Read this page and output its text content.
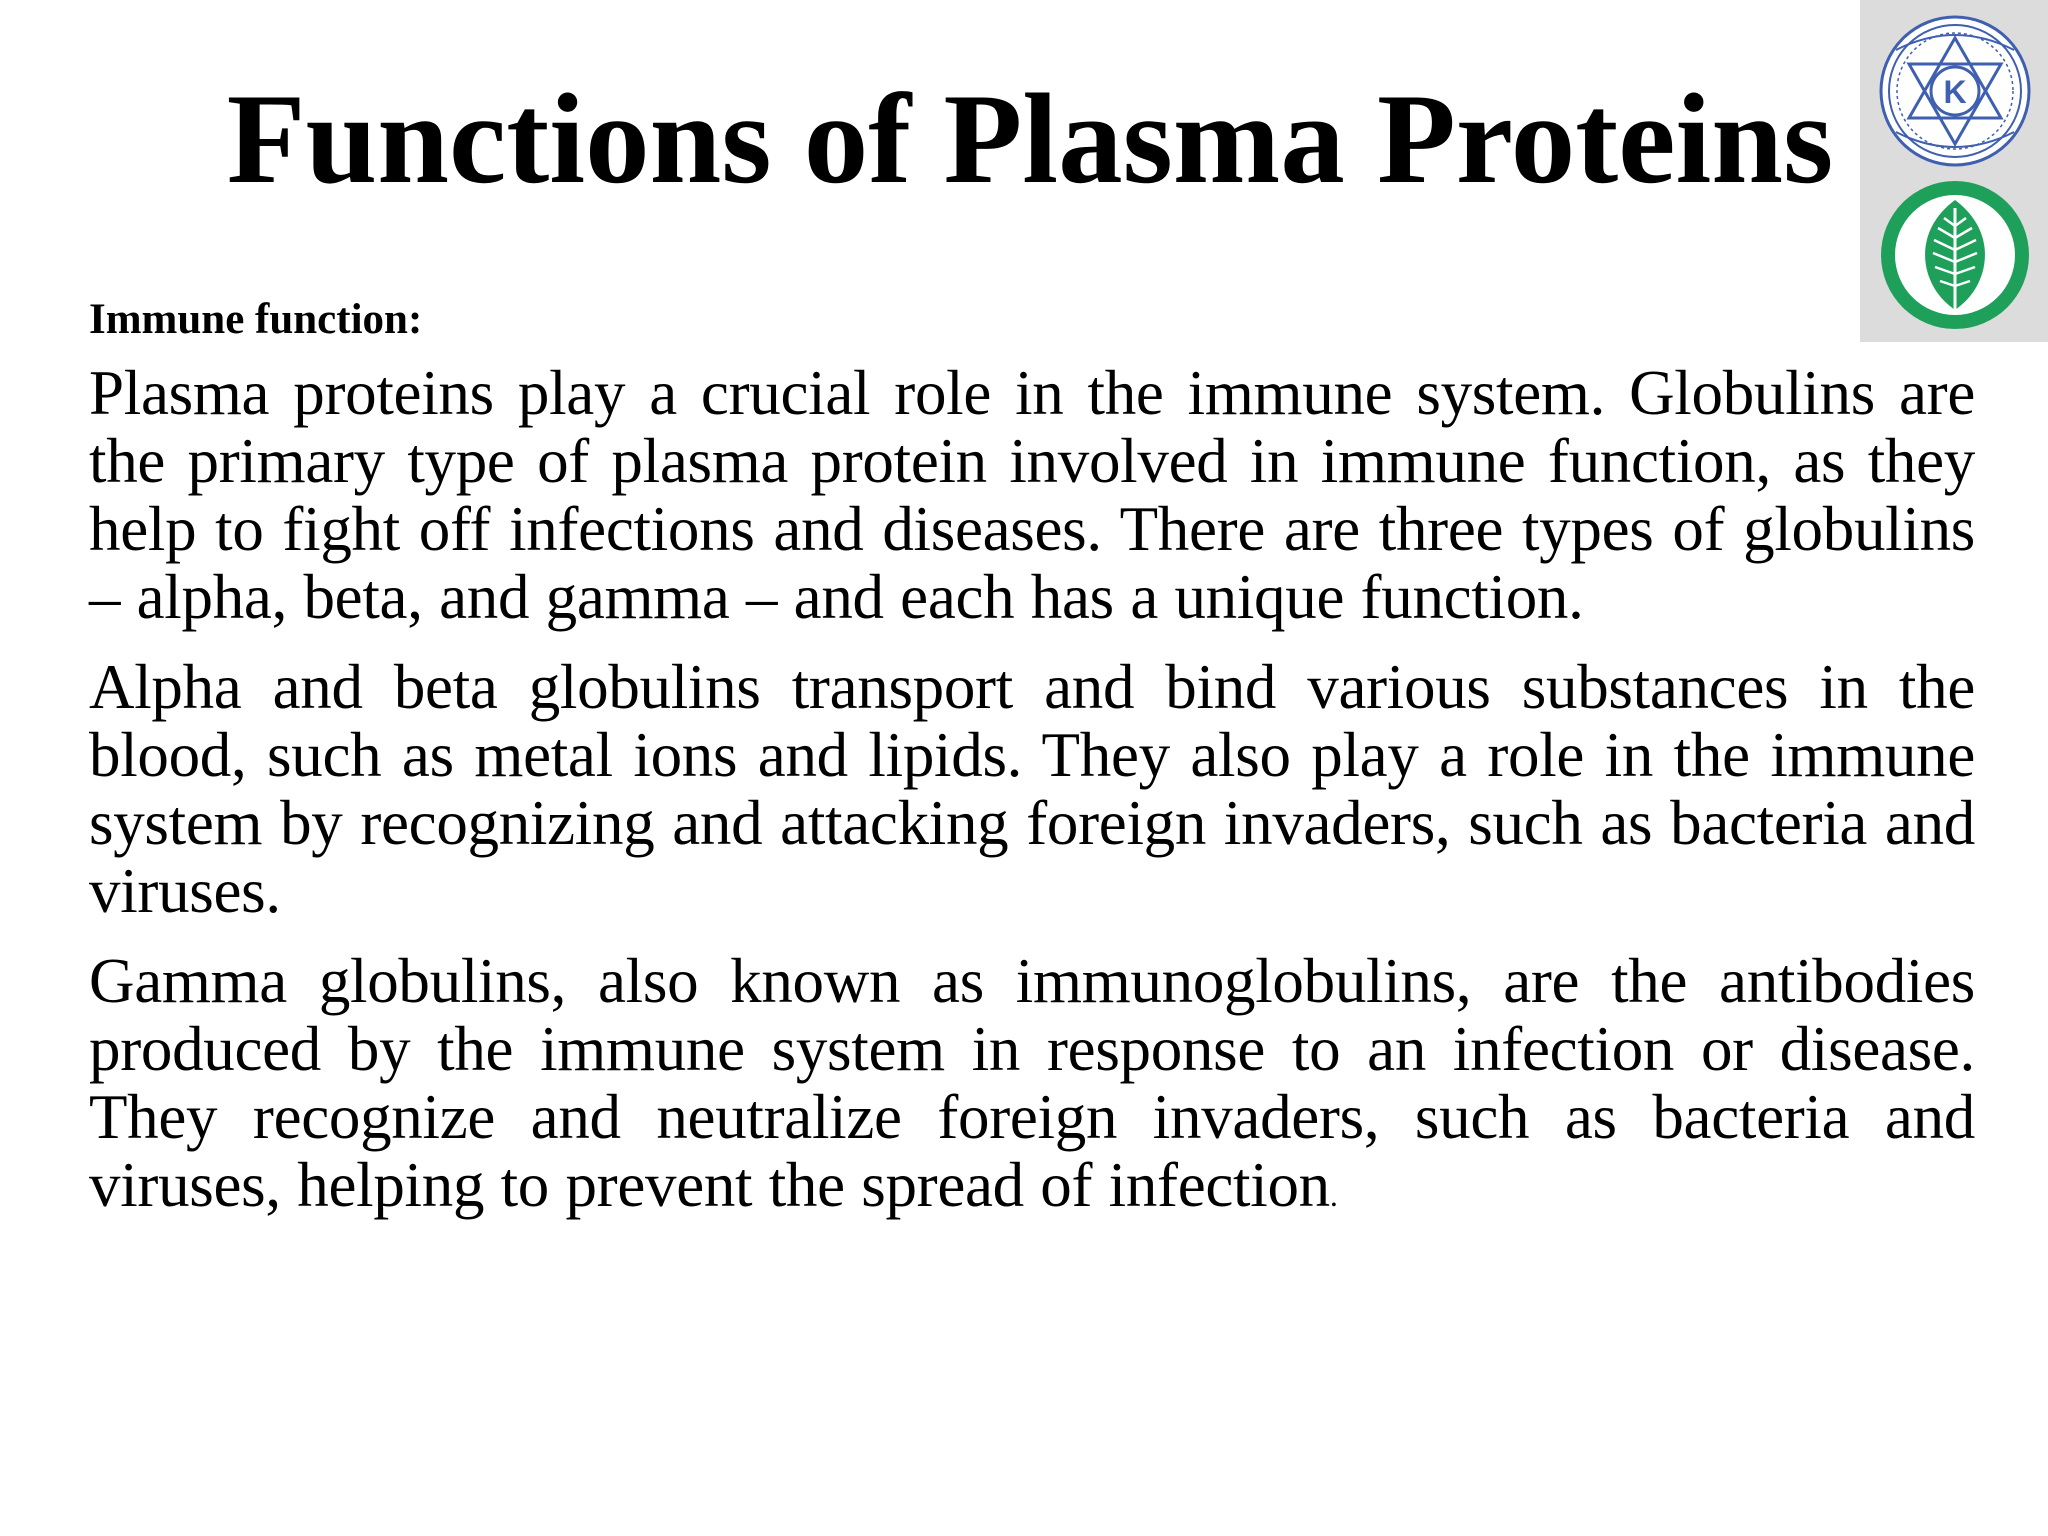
Functions of Plasma Proteins	K
Immune function:

Plasma proteins play a crucial role in the immune system. Globulins are the primary type of plasma protein involved in immune function, as they help to fight off infections and diseases. There are three types of globulins – alpha, beta, and gamma – and each has a unique function.

Alpha and beta globulins transport and bind various substances in the blood, such as metal ions and lipids. They also play a role in the immune system by recognizing and attacking foreign invaders, such as bacteria and viruses.

Gamma globulins, also known as immunoglobulins, are the antibodies produced by the immune system in response to an infection or disease. They recognize and neutralize foreign invaders, such as bacteria and viruses, helping to prevent the spread of infection.
